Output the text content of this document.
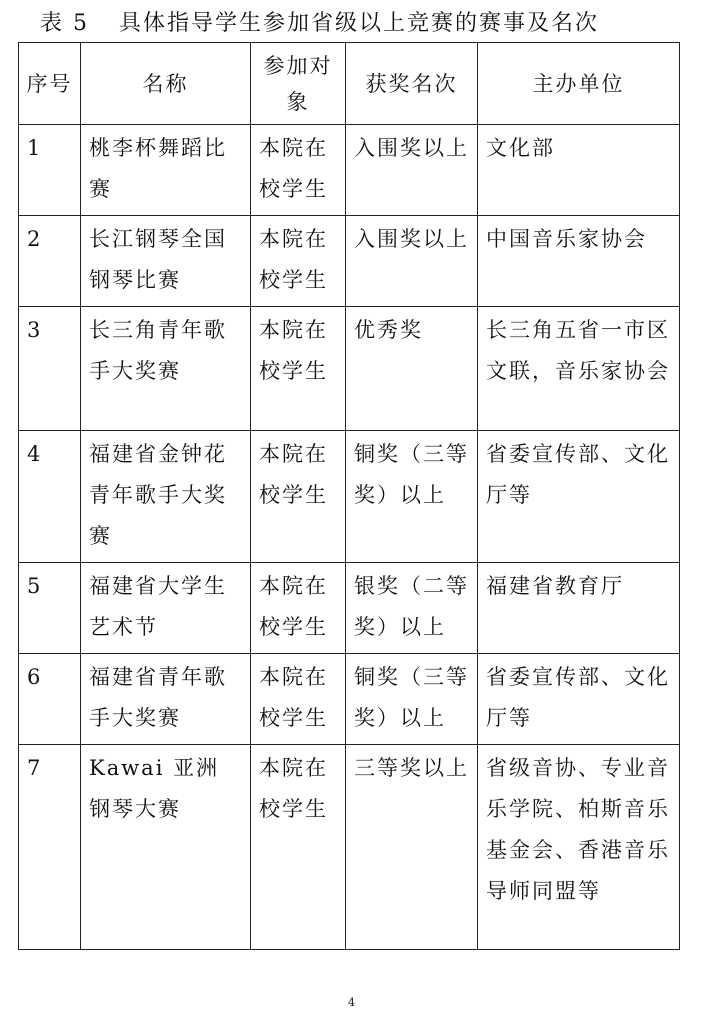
表 5 具体指导学生参加省级以上竞赛的赛事及名次
序号	名称	参加对象	获奖名次	主办单位
1	桃李杯舞蹈比赛	本院在校学生	入围奖以上	文化部
2	长江钢琴全国钢琴比赛	本院在校学生	入围奖以上	中国音乐家协会
3	长三角青年歌手大奖赛	本院在校学生	优秀奖	长三角五省一市区文联，音乐家协会
4	福建省金钟花青年歌手大奖赛	本院在校学生	铜奖（三等奖）以上	省委宣传部、文化厅等
5	福建省大学生艺术节	本院在校学生	银奖（二等奖）以上	福建省教育厅
6	福建省青年歌手大奖赛	本院在校学生	铜奖（三等奖）以上	省委宣传部、文化厅等
7	Kawai 亚洲钢琴大赛	本院在校学生	三等奖以上	省级音协、专业音乐学院、柏斯音乐基金会、香港音乐导师同盟等
4
